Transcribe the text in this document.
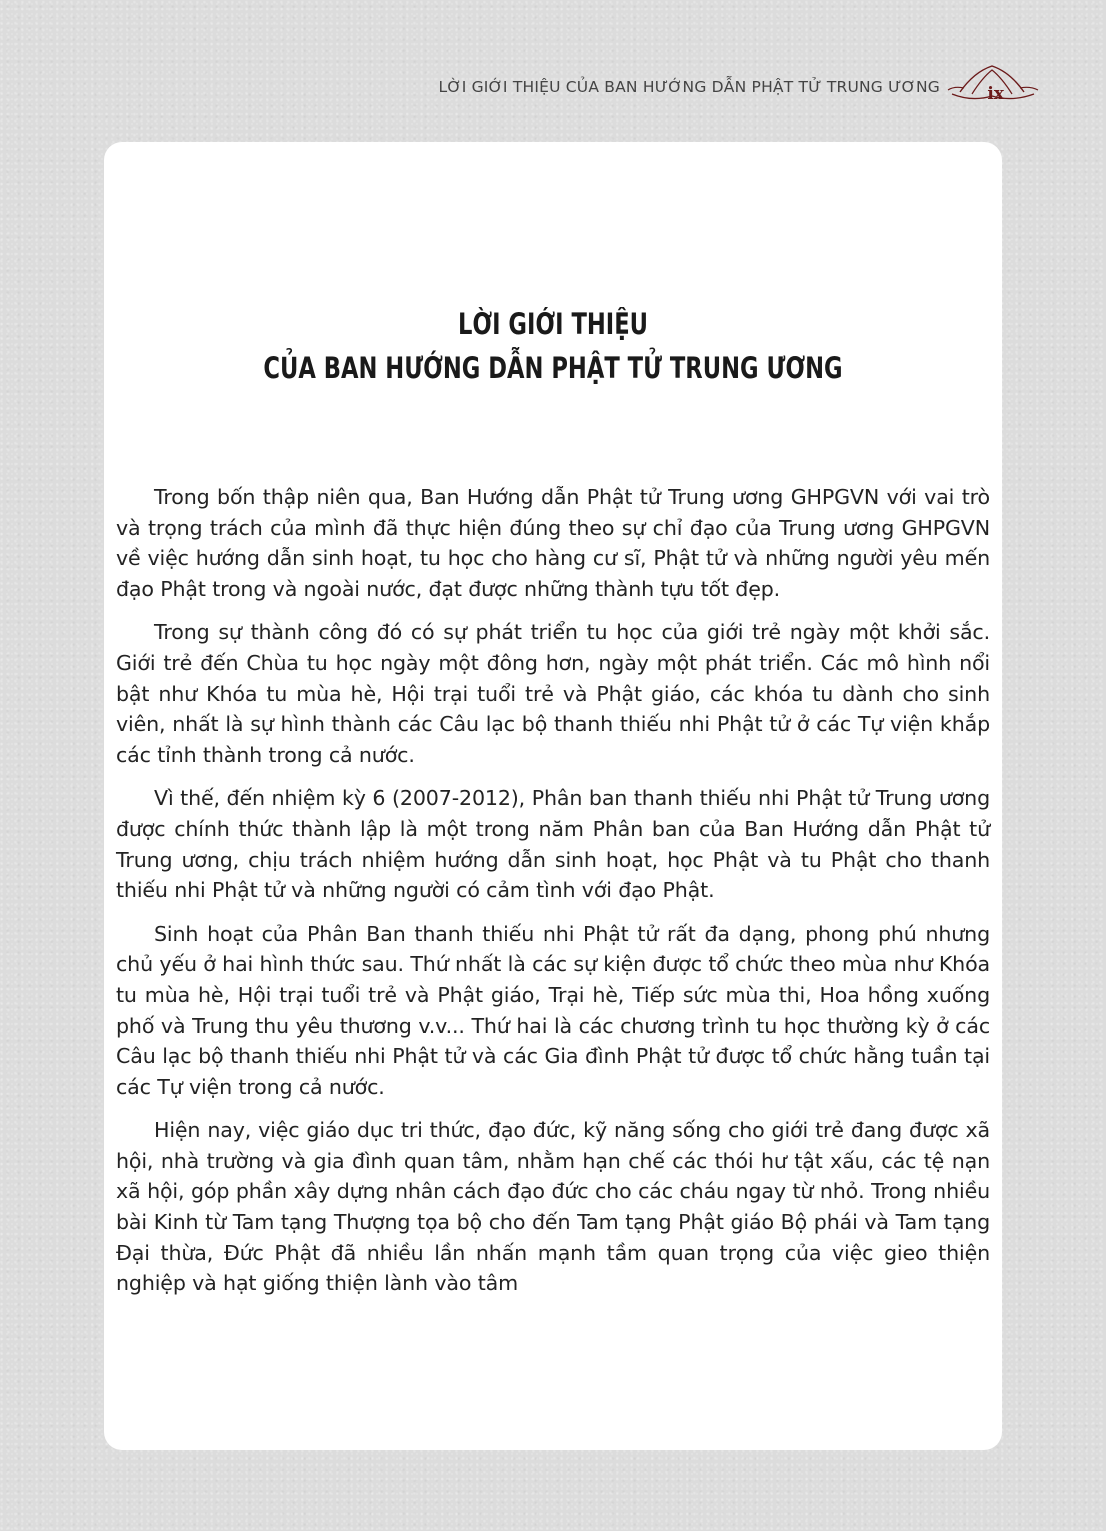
LỜI GIỚI THIỆU CỦA BAN HƯỚNG DẪN PHẬT TỬ TRUNG ƯƠNG	ix
LỜI GIỚI THIỆU
CỦA BAN HƯỚNG DẪN PHẬT TỬ TRUNG ƯƠNG

Trong bốn thập niên qua, Ban Hướng dẫn Phật tử Trung ương GHPGVN với vai trò và trọng trách của mình đã thực hiện đúng theo sự chỉ đạo của Trung ương GHPGVN về việc hướng dẫn sinh hoạt, tu học cho hàng cư sĩ, Phật tử và những người yêu mến đạo Phật trong và ngoài nước, đạt được những thành tựu tốt đẹp.

Trong sự thành công đó có sự phát triển tu học của giới trẻ ngày một khởi sắc. Giới trẻ đến Chùa tu học ngày một đông hơn, ngày một phát triển. Các mô hình nổi bật như Khóa tu mùa hè, Hội trại tuổi trẻ và Phật giáo, các khóa tu dành cho sinh viên, nhất là sự hình thành các Câu lạc bộ thanh thiếu nhi Phật tử ở các Tự viện khắp các tỉnh thành trong cả nước.

Vì thế, đến nhiệm kỳ 6 (2007-2012), Phân ban thanh thiếu nhi Phật tử Trung ương được chính thức thành lập là một trong năm Phân ban của Ban Hướng dẫn Phật tử Trung ương, chịu trách nhiệm hướng dẫn sinh hoạt, học Phật và tu Phật cho thanh thiếu nhi Phật tử và những người có cảm tình với đạo Phật.

Sinh hoạt của Phân Ban thanh thiếu nhi Phật tử rất đa dạng, phong phú nhưng chủ yếu ở hai hình thức sau. Thứ nhất là các sự kiện được tổ chức theo mùa như Khóa tu mùa hè, Hội trại tuổi trẻ và Phật giáo, Trại hè, Tiếp sức mùa thi, Hoa hồng xuống phố và Trung thu yêu thương v.v... Thứ hai là các chương trình tu học thường kỳ ở các Câu lạc bộ thanh thiếu nhi Phật tử và các Gia đình Phật tử được tổ chức hằng tuần tại các Tự viện trong cả nước.

Hiện nay, việc giáo dục tri thức, đạo đức, kỹ năng sống cho giới trẻ đang được xã hội, nhà trường và gia đình quan tâm, nhằm hạn chế các thói hư tật xấu, các tệ nạn xã hội, góp phần xây dựng nhân cách đạo đức cho các cháu ngay từ nhỏ. Trong nhiều bài Kinh từ Tam tạng Thượng tọa bộ cho đến Tam tạng Phật giáo Bộ phái và Tam tạng Đại thừa, Đức Phật đã nhiều lần nhấn mạnh tầm quan trọng của việc gieo thiện nghiệp và hạt giống thiện lành vào tâm
